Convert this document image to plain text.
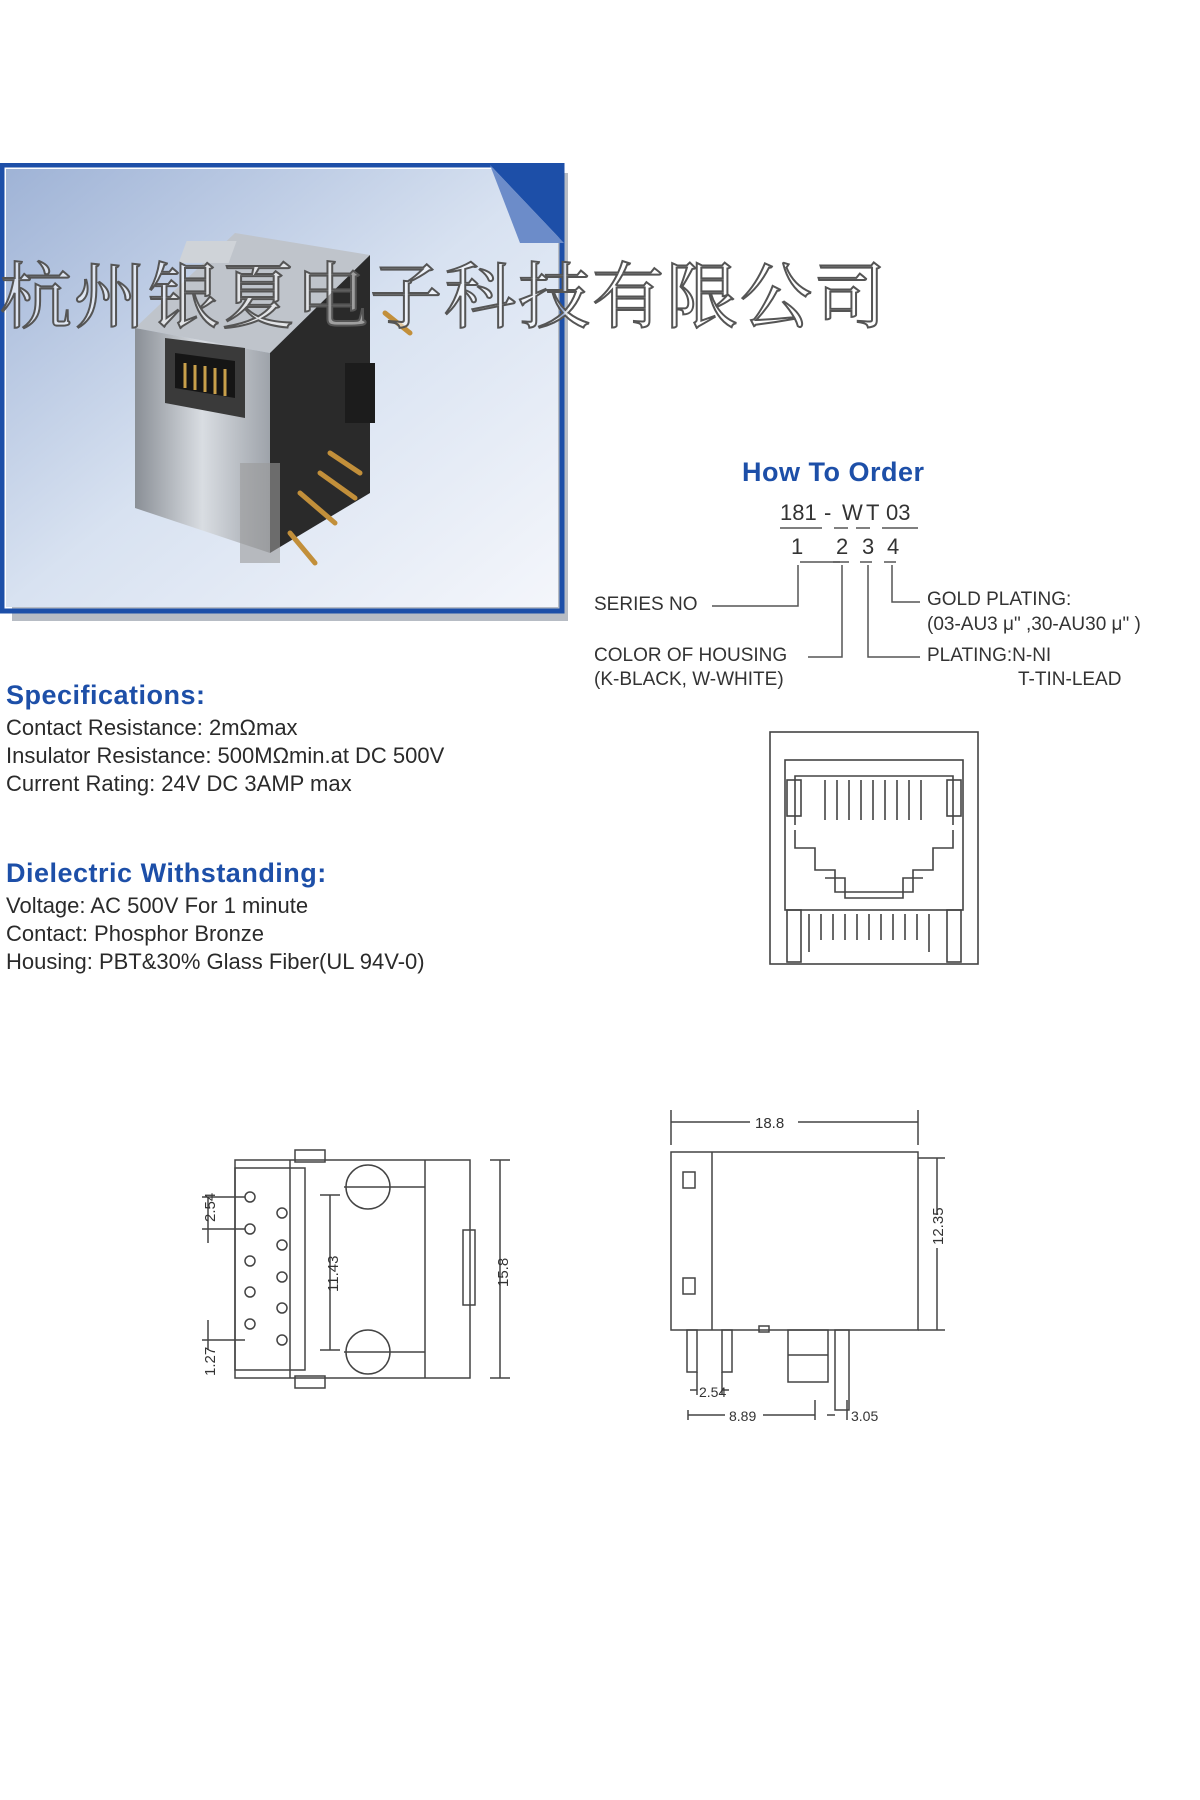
杭州银夏电子科技有限公司
How To Order
181 - W T 03
1 2 3 4
SERIES NO
COLOR OF HOUSING
(K-BLACK, W-WHITE)
GOLD PLATING:
(03-AU3 μ" ,30-AU30 μ" )
PLATING:N-NI
T-TIN-LEAD
Specifications:
Contact Resistance: 2mΩmax
Insulator Resistance: 500MΩmin.at DC 500V
Current Rating: 24V DC 3AMP max
Dielectric Withstanding:
Voltage: AC 500V For 1 minute
Contact: Phosphor Bronze
Housing: PBT&30% Glass Fiber(UL 94V-0)
2.54
11.43	15.8
1.27
18.8
12.35
2.54
8.89	3.05
